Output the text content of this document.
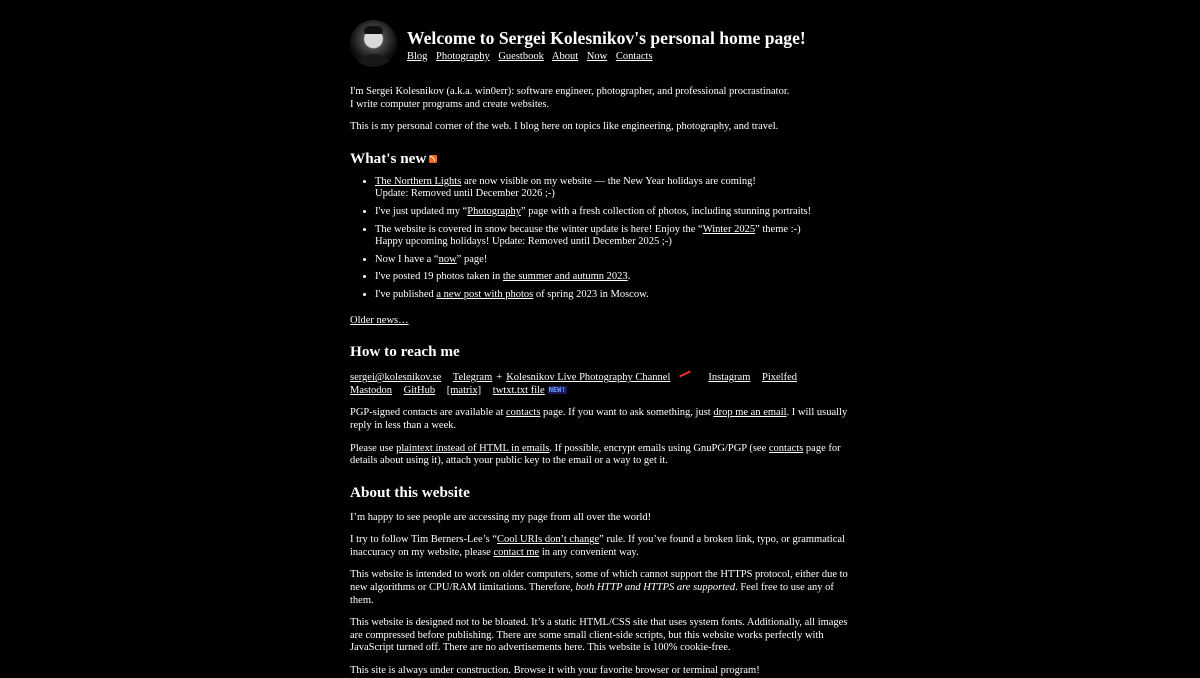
Welcome to Sergei Kolesnikov's personal home page!
Blog Photography Guestbook About Now Contacts

I'm Sergei Kolesnikov (a.k.a. win0err): software engineer, photographer, and professional procrastinator.
I write computer programs and create websites.

This is my personal corner of the web. I blog here on topics like engineering, photography, and travel.

What's new
• The Northern Lights are now visible on my website — the New Year holidays are coming!
Update: Removed until December 2026 ;-)
• I've just updated my “Photography” page with a fresh collection of photos, including stunning portraits!
• The website is covered in snow because the winter update is here! Enjoy the “Winter 2025” theme :-)
Happy upcoming holidays! Update: Removed until December 2025 ;-)
• Now I have a “now” page!
• I've posted 19 photos taken in the summer and autumn 2023.
• I've published a new post with photos of spring 2023 in Moscow.
Older news…
How to reach me
sergei@kolesnikov.se Telegram + Kolesnikov Live Photography Channel	Instagram Pixelfed
Mastodon GitHub [matrix] twtxt.txt file NEW!

PGP-signed contacts are available at contacts page. If you want to ask something, just drop me an email. I will usually reply in less than a week.

Please use plaintext instead of HTML in emails. If possible, encrypt emails using GnuPG/PGP (see contacts page for details about using it), attach your public key to the email or a way to get it.

About this website

I’m happy to see people are accessing my page from all over the world!

I try to follow Tim Berners-Lee’s “Cool URIs don’t change” rule. If you’ve found a broken link, typo, or grammatical inaccuracy on my website, please contact me in any convenient way.

This website is intended to work on older computers, some of which cannot support the HTTPS protocol, either due to new algorithms or CPU/RAM limitations. Therefore, both HTTP and HTTPS are supported. Feel free to use any of them.

This website is designed not to be bloated. It’s a static HTML/CSS site that uses system fonts. Additionally, all images are compressed before publishing. There are some small client-side scripts, but this website works perfectly with JavaScript turned off. There are no advertisements here. This website is 100% cookie-free.

This site is always under construction. Browse it with your favorite browser or terminal program!
